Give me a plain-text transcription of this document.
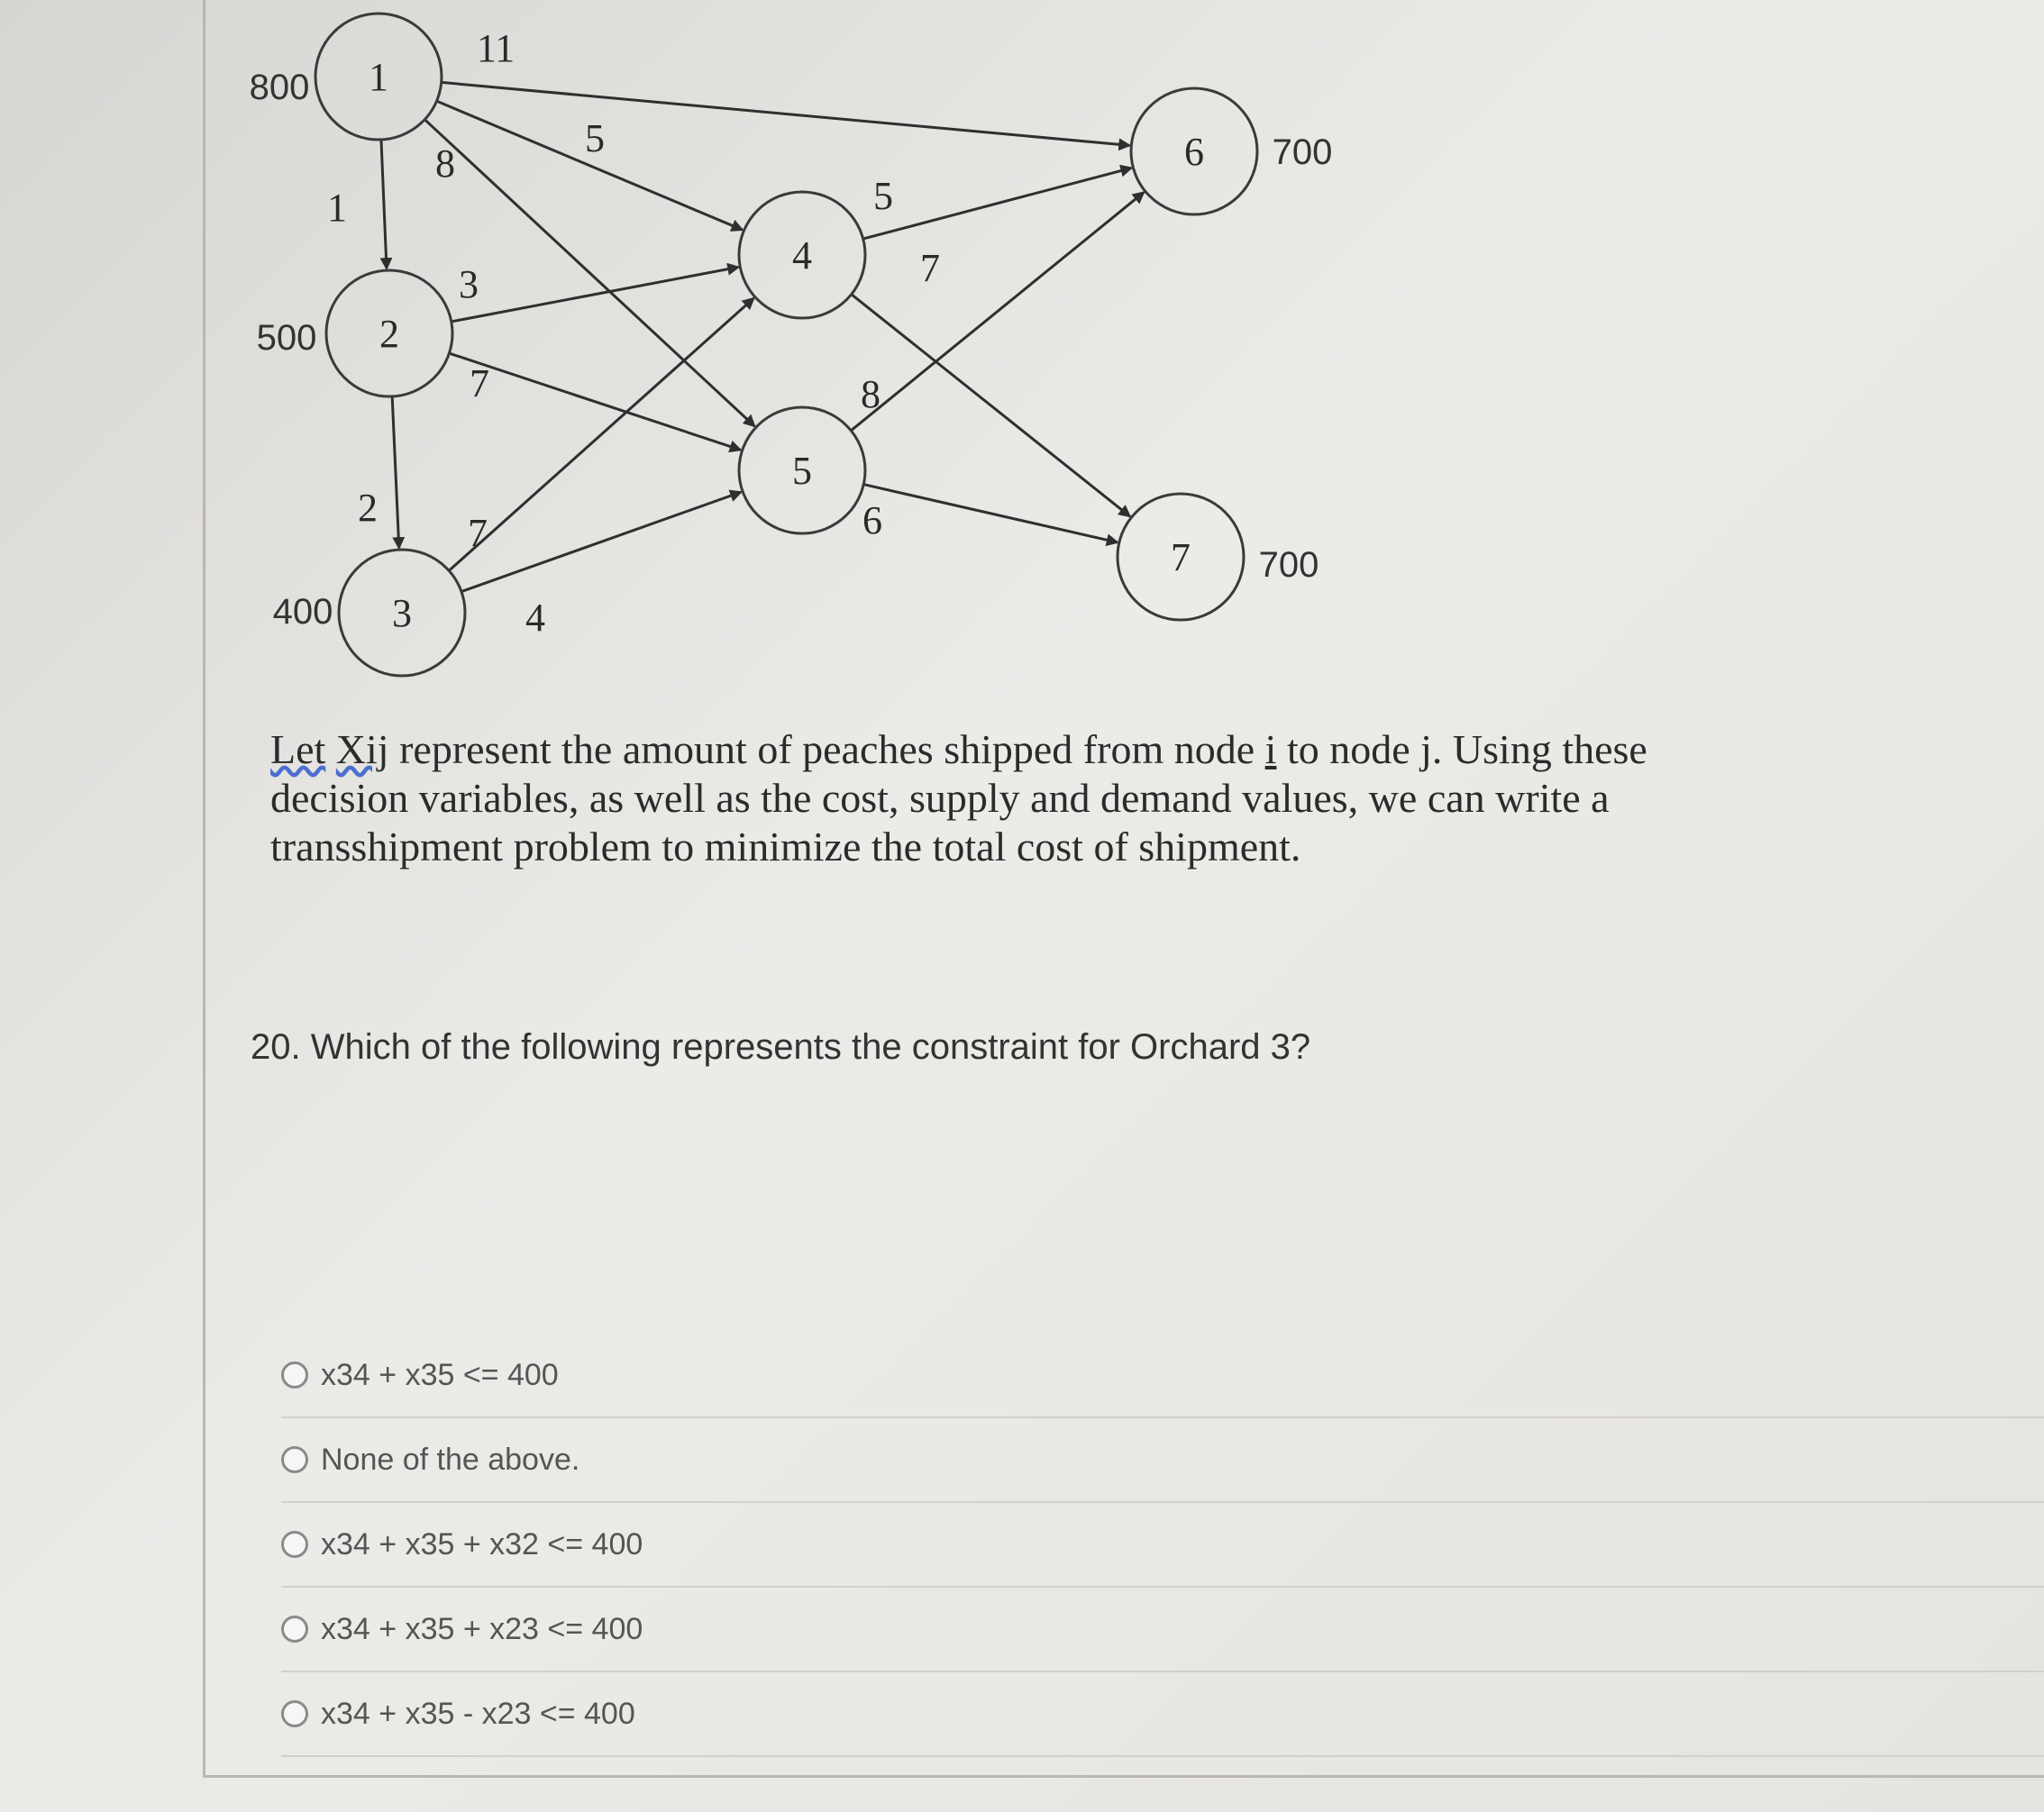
1
2
3
4
5
6
7
1
11
8
5
3
7
2
7
4
5
7
8
6
800
500
400
700
700
Let Xij represent the amount of peaches shipped from node i to node j. Using these decision variables, as well as the cost, supply and demand values, we can write a transshipment problem to minimize the total cost of shipment.
20. Which of the following represents the constraint for Orchard 3?
x34 + x35 <= 400
None of the above.
x34 + x35 + x32 <= 400
x34 + x35 + x23 <= 400
x34 + x35 - x23 <= 400
